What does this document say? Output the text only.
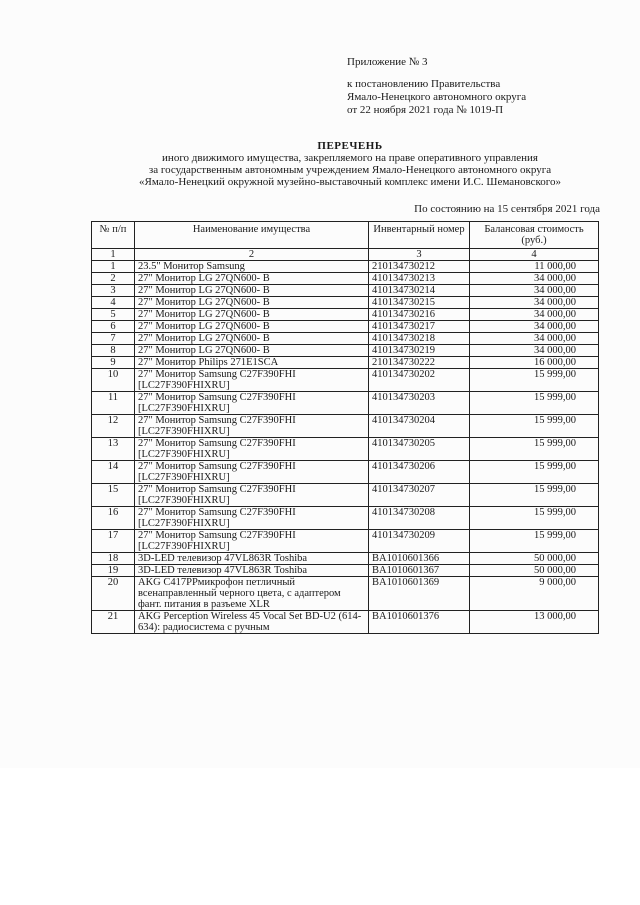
Приложение № 3
к постановлению Правительства
Ямало-Ненецкого автономного округа
от 22 ноября 2021 года № 1019-П
ПЕРЕЧЕНЬ
иного движимого имущества, закрепляемого на праве оперативного управления
за государственным автономным учреждением Ямало-Ненецкого автономного округа
«Ямало-Ненецкий окружной музейно-выставочный комплекс имени И.С. Шемановского»
По состоянию на 15 сентября 2021 года
№ п/п	Наименование имущества	Инвентарный номер	Балансовая стоимость (руб.)
1	2	3	4
1	23.5" Монитор Samsung	210134730212	11 000,00
2	27" Монитор LG 27QN600- B	410134730213	34 000,00
3	27" Монитор LG 27QN600- B	410134730214	34 000,00
4	27" Монитор LG 27QN600- B	410134730215	34 000,00
5	27" Монитор LG 27QN600- B	410134730216	34 000,00
6	27" Монитор LG 27QN600- B	410134730217	34 000,00
7	27" Монитор LG 27QN600- B	410134730218	34 000,00
8	27" Монитор LG 27QN600- B	410134730219	34 000,00
9	27" Монитор Philips 271E1SCA	210134730222	16 000,00
10	27" Монитор Samsung C27F390FHI [LC27F390FHIXRU]	410134730202	15 999,00
11	27" Монитор Samsung C27F390FHI [LC27F390FHIXRU]	410134730203	15 999,00
12	27" Монитор Samsung C27F390FHI [LC27F390FHIXRU]	410134730204	15 999,00
13	27" Монитор Samsung C27F390FHI [LC27F390FHIXRU]	410134730205	15 999,00
14	27" Монитор Samsung C27F390FHI [LC27F390FHIXRU]	410134730206	15 999,00
15	27" Монитор Samsung C27F390FHI [LC27F390FHIXRU]	410134730207	15 999,00
16	27" Монитор Samsung C27F390FHI [LC27F390FHIXRU]	410134730208	15 999,00
17	27" Монитор Samsung C27F390FHI [LC27F390FHIXRU]	410134730209	15 999,00
18	3D-LED телевизор 47VL863R Toshiba	BA1010601366	50 000,00
19	3D-LED телевизор 47VL863R Toshiba	BA1010601367	50 000,00
20	AKG C417PPмикрофон петличный всенаправленный черного цвета, с адаптером фант. питания в разъеме XLR	BA1010601369	9 000,00
21	AKG Perception Wireless 45 Vocal Set BD-U2 (614- 634): радиосистема с ручным	BA1010601376	13 000,00
